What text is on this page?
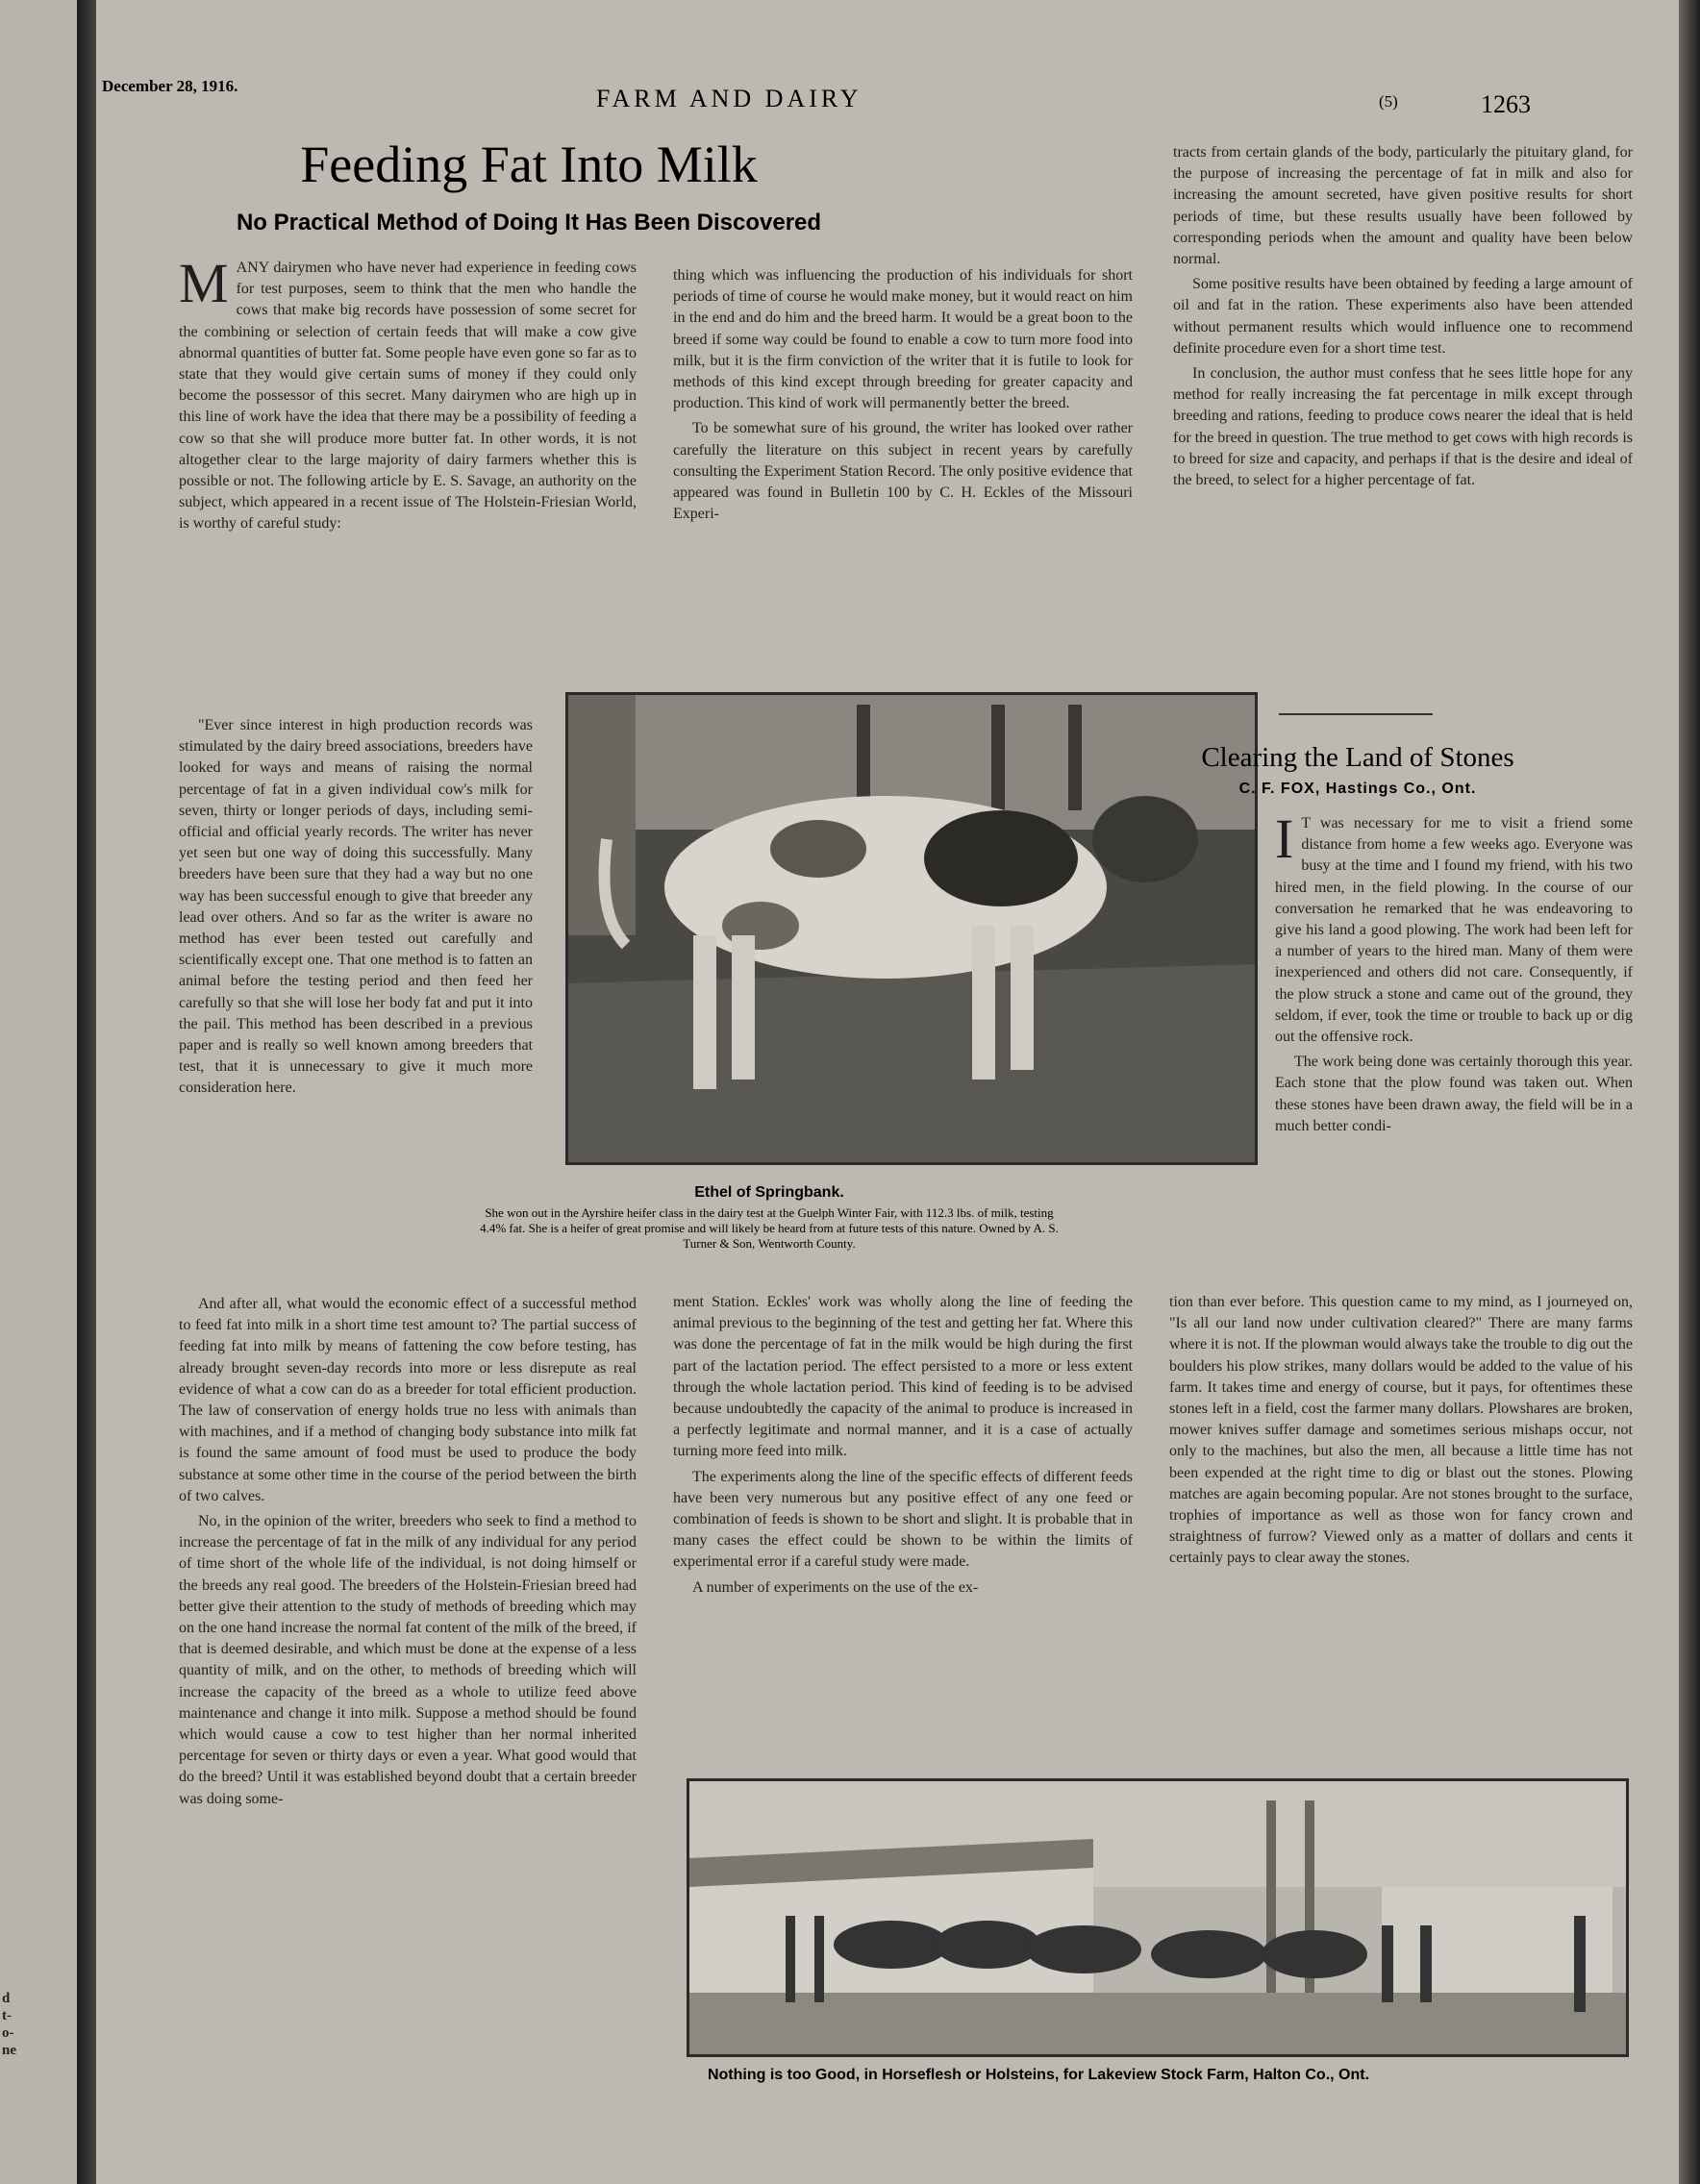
d
t-
o-
ne
December 28, 1916.	FARM AND DAIRY	(5)	1263
Feeding Fat Into Milk
No Practical Method of Doing It Has Been Discovered

MANY dairymen who have never had experience in feeding cows for test purposes, seem to think that the men who handle the cows that make big records have possession of some secret for the combining or selection of certain feeds that will make a cow give abnormal quantities of butter fat. Some people have even gone so far as to state that they would give certain sums of money if they could only become the possessor of this secret. Many dairymen who are high up in this line of work have the idea that there may be a possibility of feeding a cow so that she will produce more butter fat. In other words, it is not altogether clear to the large majority of dairy farmers whether this is possible or not. The following article by E. S. Savage, an authority on the subject, which appeared in a recent issue of The Holstein-Friesian World, is worthy of careful study:

"Ever since interest in high production records was stimulated by the dairy breed associations, breeders have looked for ways and means of raising the normal percentage of fat in a given individual cow's milk for seven, thirty or longer periods of days, including semi-official and official yearly records. The writer has never yet seen but one way of doing this successfully. Many breeders have been sure that they had a way but no one way has been successful enough to give that breeder any lead over others. And so far as the writer is aware no method has ever been tested out carefully and scientifically except one. That one method is to fatten an animal before the testing period and then feed her carefully so that she will lose her body fat and put it into the pail. This method has been described in a previous paper and is really so well known among breeders that test, that it is unnecessary to give it much more consideration here.

And after all, what would the economic effect of a successful method to feed fat into milk in a short time test amount to? The partial success of feeding fat into milk by means of fattening the cow before testing, has already brought seven-day records into more or less disrepute as real evidence of what a cow can do as a breeder for total efficient production. The law of conservation of energy holds true no less with animals than with machines, and if a method of changing body substance into milk fat is found the same amount of food must be used to produce the body substance at some other time in the course of the period between the birth of two calves.

No, in the opinion of the writer, breeders who seek to find a method to increase the percentage of fat in the milk of any individual for any period of time short of the whole life of the individual, is not doing himself or the breeds any real good. The breeders of the Holstein-Friesian breed had better give their attention to the study of methods of breeding which may on the one hand increase the normal fat content of the milk of the breed, if that is deemed desirable, and which must be done at the expense of a less quantity of milk, and on the other, to methods of breeding which will increase the capacity of the breed as a whole to utilize feed above maintenance and change it into milk. Suppose a method should be found which would cause a cow to test higher than her normal inherited percentage for seven or thirty days or even a year. What good would that do the breed? Until it was established beyond doubt that a certain breeder was doing some-

thing which was influencing the production of his individuals for short periods of time of course he would make money, but it would react on him in the end and do him and the breed harm. It would be a great boon to the breed if some way could be found to enable a cow to turn more food into milk, but it is the firm conviction of the writer that it is futile to look for methods of this kind except through breeding for greater capacity and production. This kind of work will permanently better the breed.

To be somewhat sure of his ground, the writer has looked over rather carefully the literature on this subject in recent years by carefully consulting the Experiment Station Record. The only positive evidence that appeared was found in Bulletin 100 by C. H. Eckles of the Missouri Experi-

Ethel of Springbank.
She won out in the Ayrshire heifer class in the dairy test at the Guelph Winter Fair, with 112.3 lbs. of milk, testing 4.4% fat. She is a heifer of great promise and will likely be heard from at future tests of this nature. Owned by A. S. Turner & Son, Wentworth County.

ment Station. Eckles' work was wholly along the line of feeding the animal previous to the beginning of the test and getting her fat. Where this was done the percentage of fat in the milk would be high during the first part of the lactation period. The effect persisted to a more or less extent through the whole lactation period. This kind of feeding is to be advised because undoubtedly the capacity of the animal to produce is increased in a perfectly legitimate and normal manner, and it is a case of actually turning more feed into milk.

The experiments along the line of the specific effects of different feeds have been very numerous but any positive effect of any one feed or combination of feeds is shown to be short and slight. It is probable that in many cases the effect could be shown to be within the limits of experimental error if a careful study were made.

A number of experiments on the use of the ex-

tracts from certain glands of the body, particularly the pituitary gland, for the purpose of increasing the percentage of fat in milk and also for increasing the amount secreted, have given positive results for short periods of time, but these results usually have been followed by corresponding periods when the amount and quality have been below normal.

Some positive results have been obtained by feeding a large amount of oil and fat in the ration. These experiments also have been attended without permanent results which would influence one to recommend definite procedure even for a short time test.

In conclusion, the author must confess that he sees little hope for any method for really increasing the fat percentage in milk except through breeding and rations, feeding to produce cows nearer the ideal that is held for the breed in question. The true method to get cows with high records is to breed for size and capacity, and perhaps if that is the desire and ideal of the breed, to select for a higher percentage of fat.

Clearing the Land of Stones
C. F. FOX, Hastings Co., Ont.

I T was necessary for me to visit a friend some distance from home a few weeks ago. Everyone was busy at the time and I found my friend, with his two hired men, in the field plowing. In the course of our conversation he remarked that he was endeavoring to give his land a good plowing. The work had been left for a number of years to the hired man. Many of them were inexperienced and others did not care. Consequently, if the plow struck a stone and came out of the ground, they seldom, if ever, took the time or trouble to back up or dig out the offensive rock.

The work being done was certainly thorough this year. Each stone that the plow found was taken out. When these stones have been drawn away, the field will be in a much better condi-

tion than ever before. This question came to my mind, as I journeyed on, "Is all our land now under cultivation cleared?" There are many farms where it is not. If the plowman would always take the trouble to dig out the boulders his plow strikes, many dollars would be added to the value of his farm. It takes time and energy of course, but it pays, for oftentimes these stones left in a field, cost the farmer many dollars. Plowshares are broken, mower knives suffer damage and sometimes serious mishaps occur, not only to the machines, but also the men, all because a little time has not been expended at the right time to dig or blast out the stones. Plowing matches are again becoming popular. Are not stones brought to the surface, trophies of importance as well as those won for fancy crown and straightness of furrow? Viewed only as a matter of dollars and cents it certainly pays to clear away the stones.

Nothing is too Good, in Horseflesh or Holsteins, for Lakeview Stock Farm, Halton Co., Ont.
